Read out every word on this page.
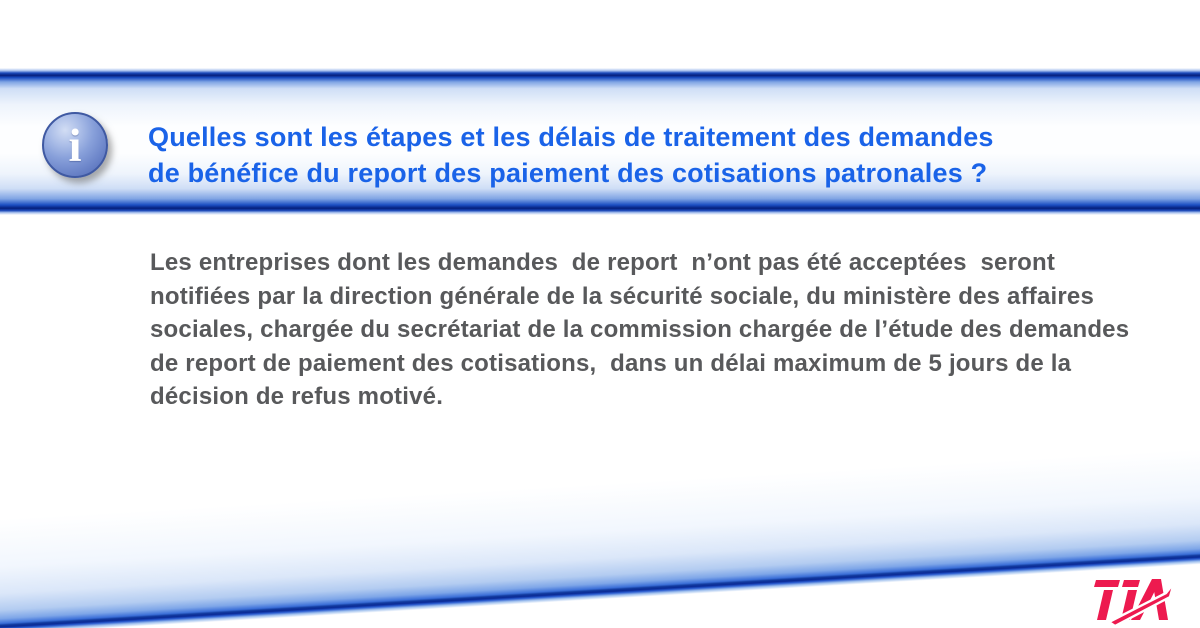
i Quelles sont les étapes et les délais de traitement des demandes
de bénéfice du report des paiement des cotisations patronales ?
Les entreprises dont les demandes  de report  n’ont pas été acceptées  seront notifiées par la direction générale de la sécurité sociale, du ministère des affaires sociales, chargée du secrétariat de la commission chargée de l’étude des demandes de report de paiement des cotisations,  dans un délai maximum de 5 jours de la décision de refus motivé.
